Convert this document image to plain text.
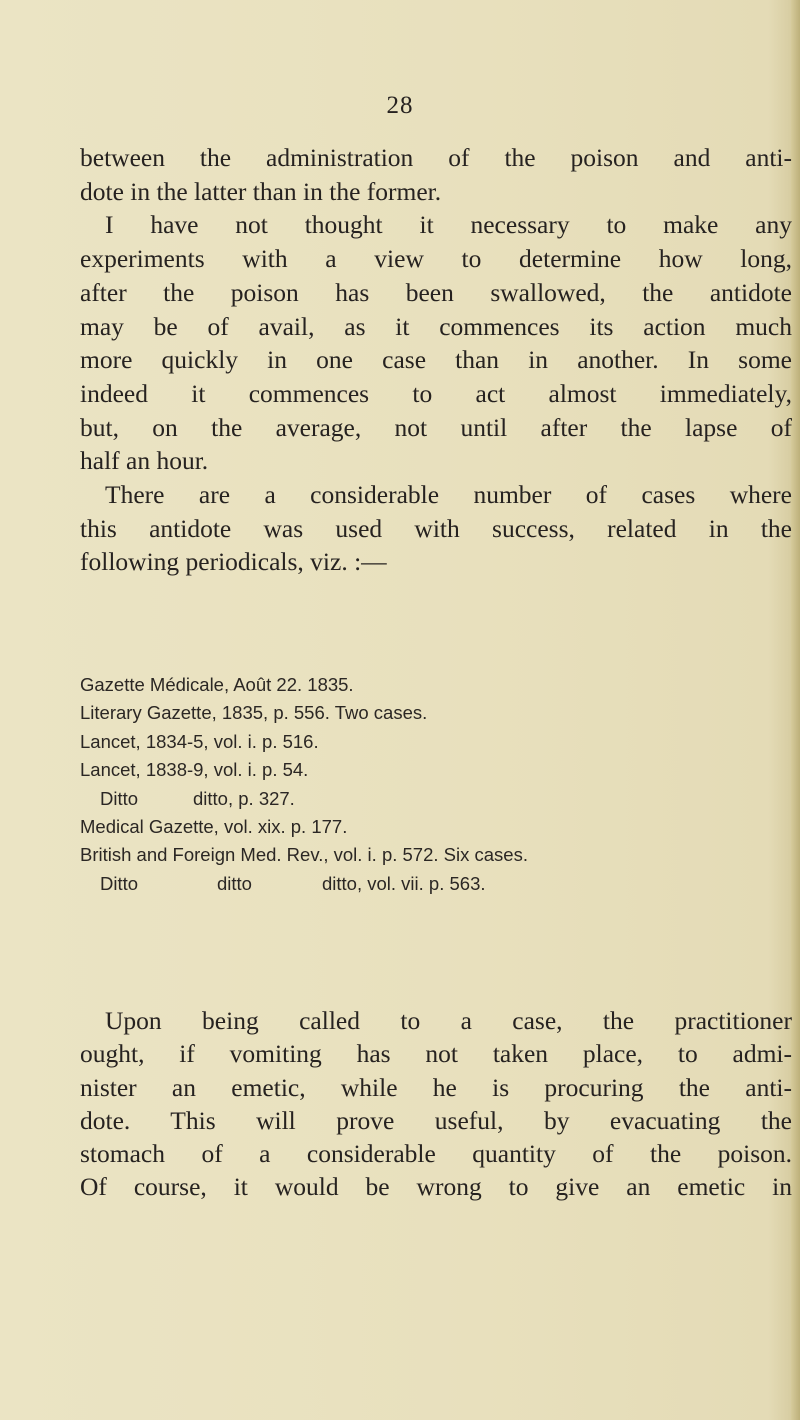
28
between the administration of the poison and anti-
dote in the latter than in the former.
I have not thought it necessary to make any
experiments with a view to determine how long,
after the poison has been swallowed, the antidote
may be of avail, as it commences its action much
more quickly in one case than in another. In some
indeed it commences to act almost immediately,
but, on the average, not until after the lapse of
half an hour.
There are a considerable number of cases where
this antidote was used with success, related in the
following periodicals, viz. :—
Gazette Médicale, Août 22. 1835.
Literary Gazette, 1835, p. 556. Two cases.
Lancet, 1834-5, vol. i. p. 516.
Lancet, 1838-9, vol. i. p. 54.
Ditto	ditto, p. 327.
Medical Gazette, vol. xix. p. 177.
British and Foreign Med. Rev., vol. i. p. 572. Six cases.
Ditto	ditto	ditto, vol. vii. p. 563.
Upon being called to a case, the practitioner
ought, if vomiting has not taken place, to admi-
nister an emetic, while he is procuring the anti-
dote. This will prove useful, by evacuating the
stomach of a considerable quantity of the poison.
Of course, it would be wrong to give an emetic in
